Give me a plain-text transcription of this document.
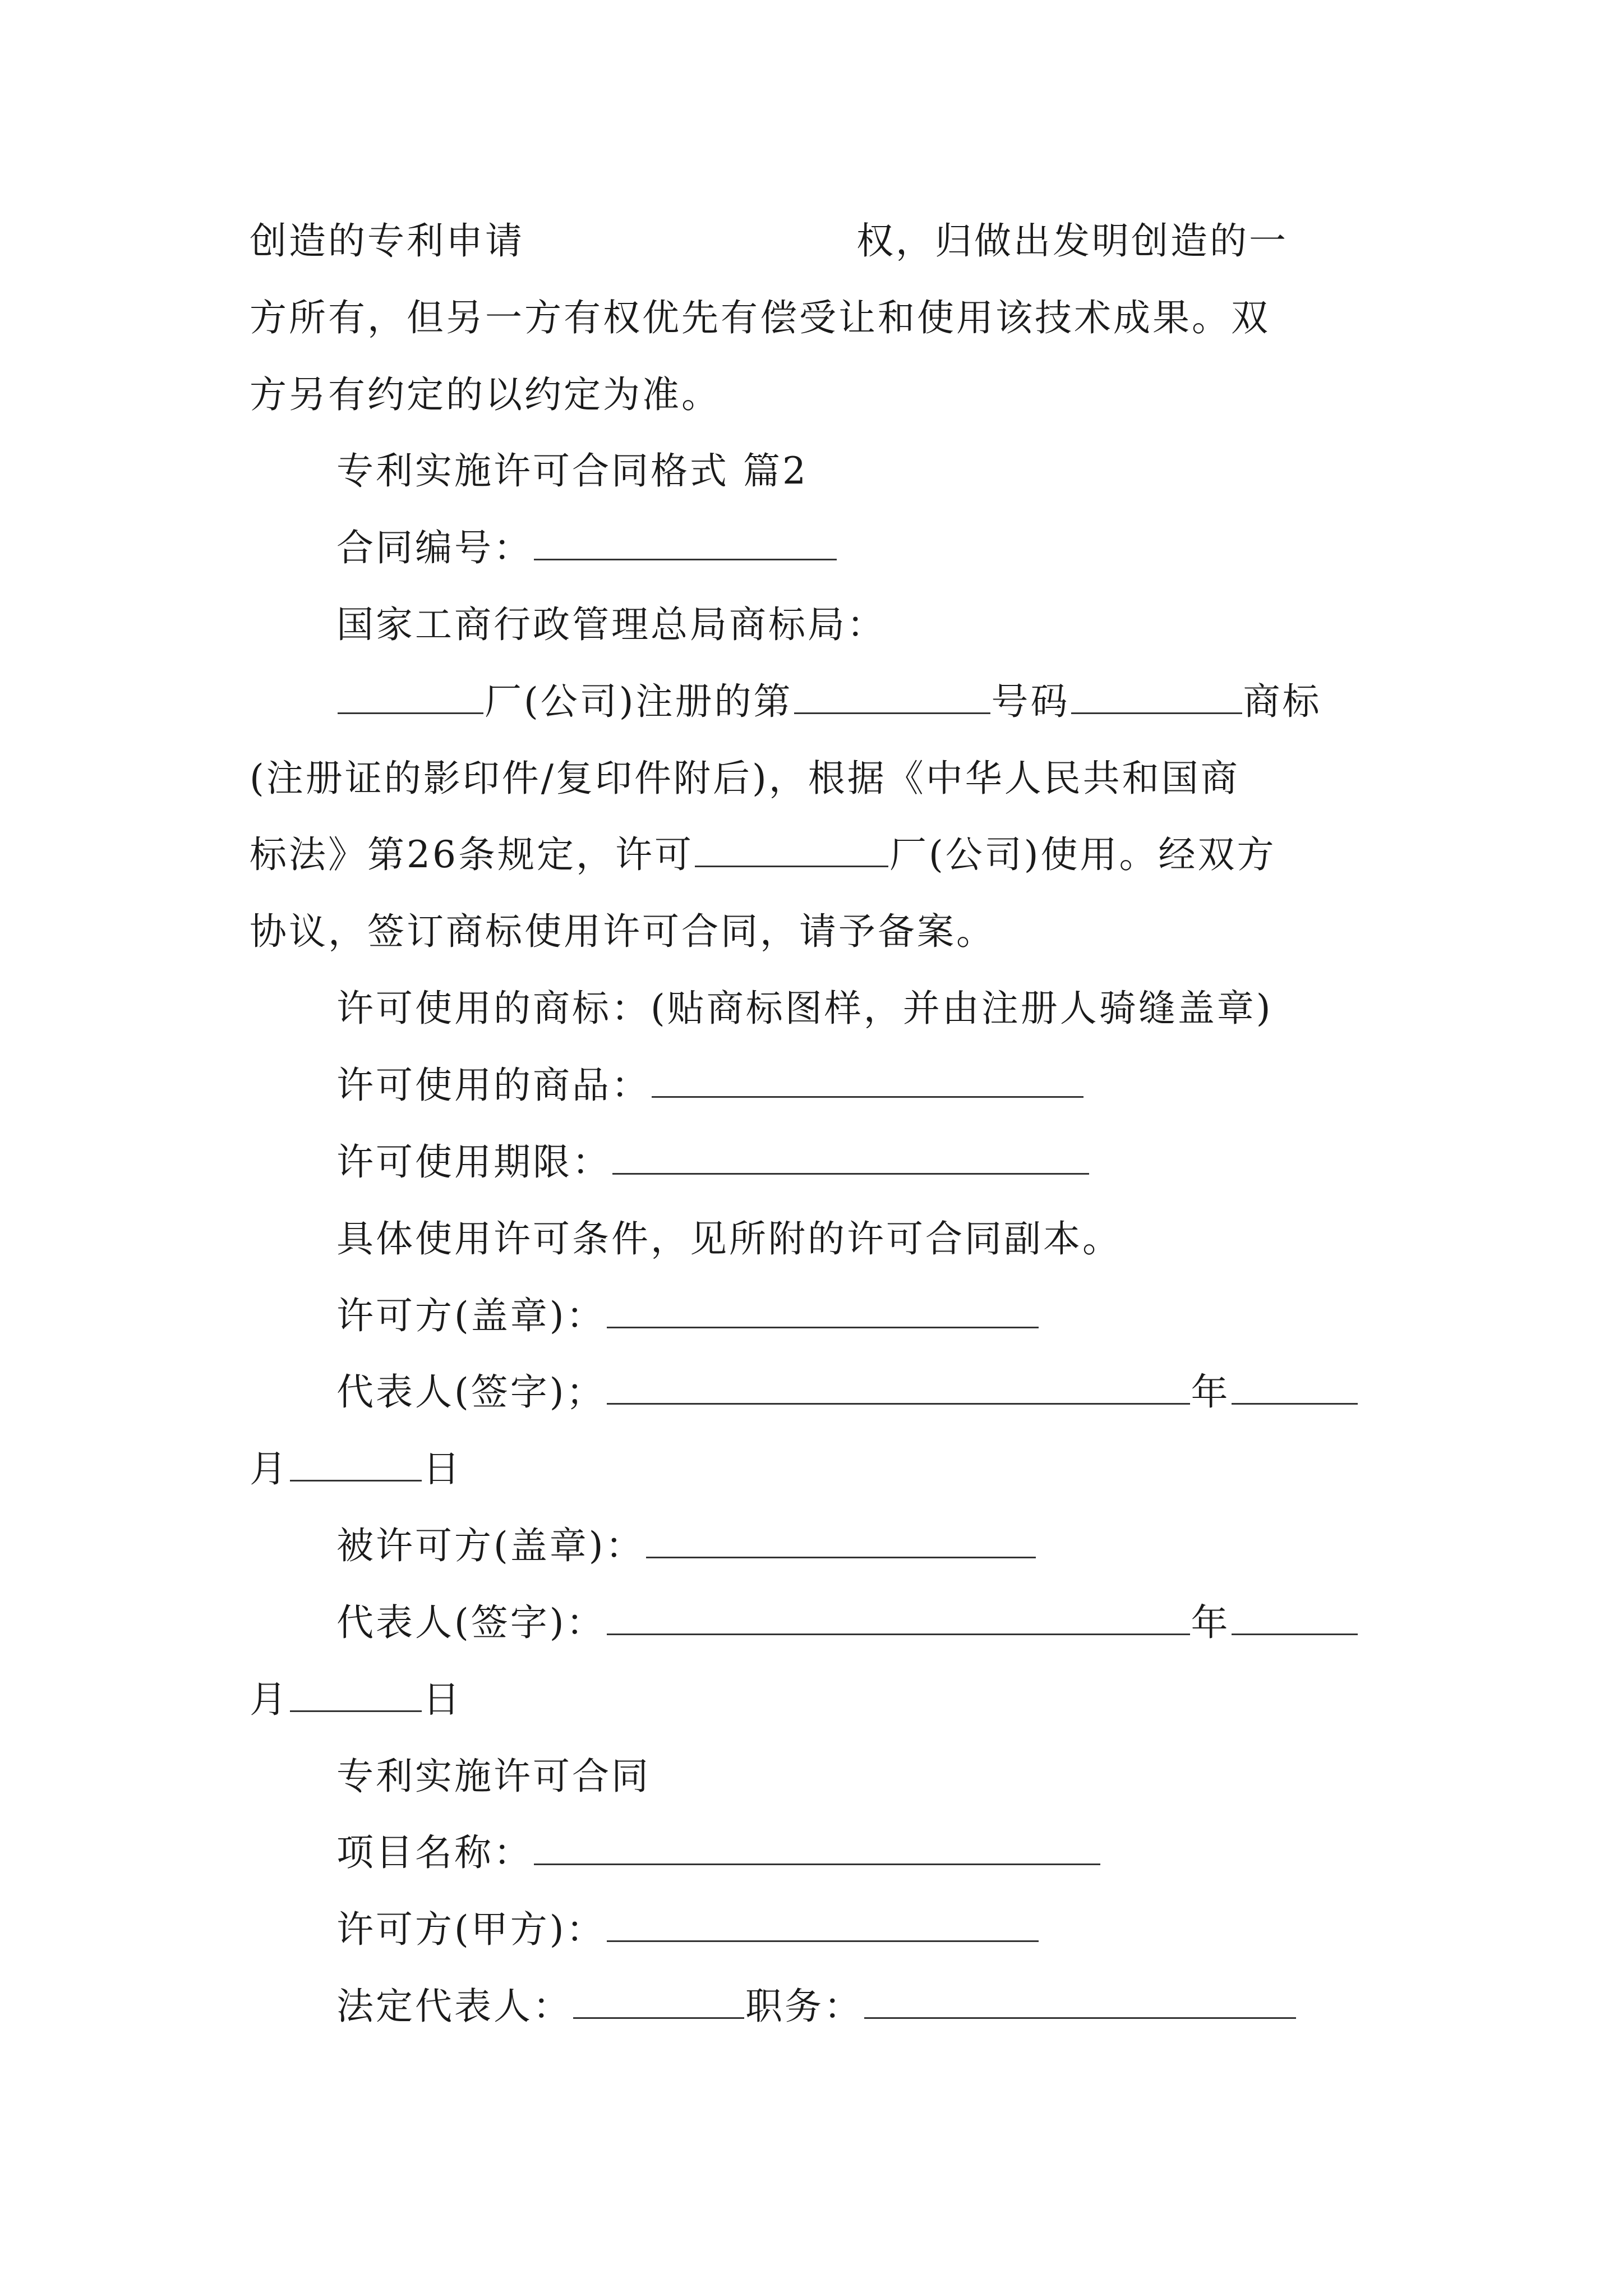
创造的专利申请	权，归做出发明创造的一
方所有，但另一方有权优先有偿受让和使用该技术成果。双
方另有约定的以约定为准。
专利实施许可合同格式 篇2
合同编号：
国家工商行政管理总局商标局：
厂(公司)注册的第	号码	商标
(注册证的影印件/复印件附后)，根据《中华人民共和国商
标法》第26条规定，许可	厂(公司)使用。经双方
协议，签订商标使用许可合同，请予备案。
许可使用的商标：(贴商标图样，并由注册人骑缝盖章)
许可使用的商品：
许可使用期限：
具体使用许可条件，见所附的许可合同副本。
许可方(盖章)：
代表人(签字)；	年
月	日
被许可方(盖章)：
代表人(签字)：	年
月	日
专利实施许可合同
项目名称：
许可方(甲方)：
法定代表人：	职务：
